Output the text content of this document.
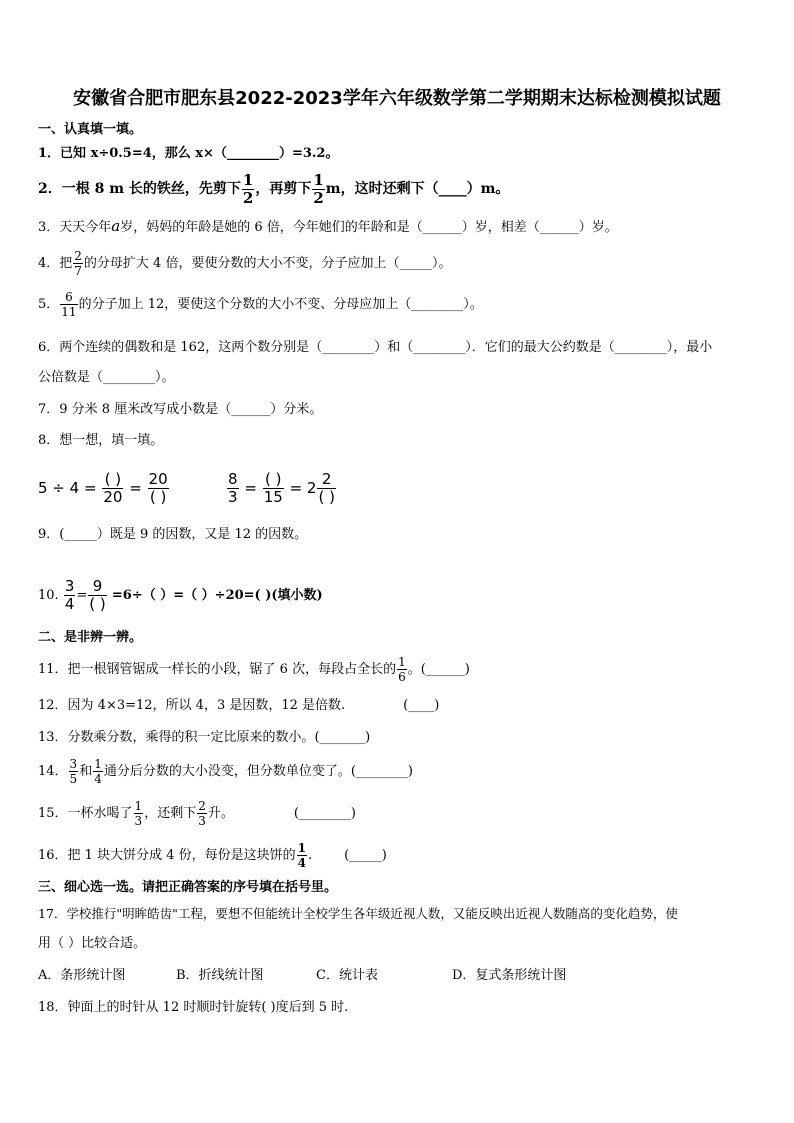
安徽省合肥市肥东县2022-2023学年六年级数学第二学期期末达标检测模拟试题
一、认真填一填。
1．已知 x÷0.5=4，那么 x×（________）=3.2。
2．一根 8 m 长的铁丝，先剪下 $\frac{1}{2}$ ，再剪下 $\frac{1}{2}$ m，这时还剩下（____）m。
3．天天今年a岁，妈妈的年龄是她的 6 倍，今年她们的年龄和是（______）岁，相差（______）岁。
4．把 $\frac{2}{7}$ 的分母扩大 4 倍，要使分数的大小不变，分子应加上（_____）。
5． $\frac{6}{11}$ 的分子加上 12，要使这个分数的大小不变、分母应加上（________）。
6．两个连续的偶数和是 162，这两个数分别是（________）和（________）．它们的最大公约数是（________），最小
公倍数是（________）。
7．9 分米 8 厘米改写成小数是（______）分米。
8．想一想，填一填。
$5 \div 4 = \frac{( )}{20} = \frac{20}{( )}$	$\frac{8}{3} = \frac{( )}{15} = 2 \frac{2}{( )}$
9．(_____）既是 9 的因数，又是 12 的因数。
10. $\frac{3}{4} = \frac{9}{( )} =6\div$（ ）=（ ）÷20=( )(填小数)
二、是非辨一辨。
11．把一根钢管锯成一样长的小段，锯了 6 次，每段占全长的 $\frac{1}{6}$ 。(______)
12．因为 4×3=12，所以 4，3 是因数，12 是倍数.	(____)
13．分数乘分数，乘得的积一定比原来的数小。(_______)
14． $\frac{3}{5}$ 和 $\frac{1}{4}$ 通分后分数的大小没变，但分数单位变了。(________)
15．一杯水喝了 $\frac{1}{3}$ ，还剩下 $\frac{2}{3}$ 升。	(________)
16．把 1 块大饼分成 4 份，每份是这块饼的 $\frac{1}{4}$ . (_____)
三、细心选一选。请把正确答案的序号填在括号里。
17．学校推行"明眸皓齿"工程，要想不但能统计全校学生各年级近视人数，又能反映出近视人数随高的变化趋势，使
用（ ）比较合适。
A．条形统计图	B．折线统计图	C．统计表	D．复式条形统计图
18．钟面上的时针从 12 时顺时针旋转( )度后到 5 时.
